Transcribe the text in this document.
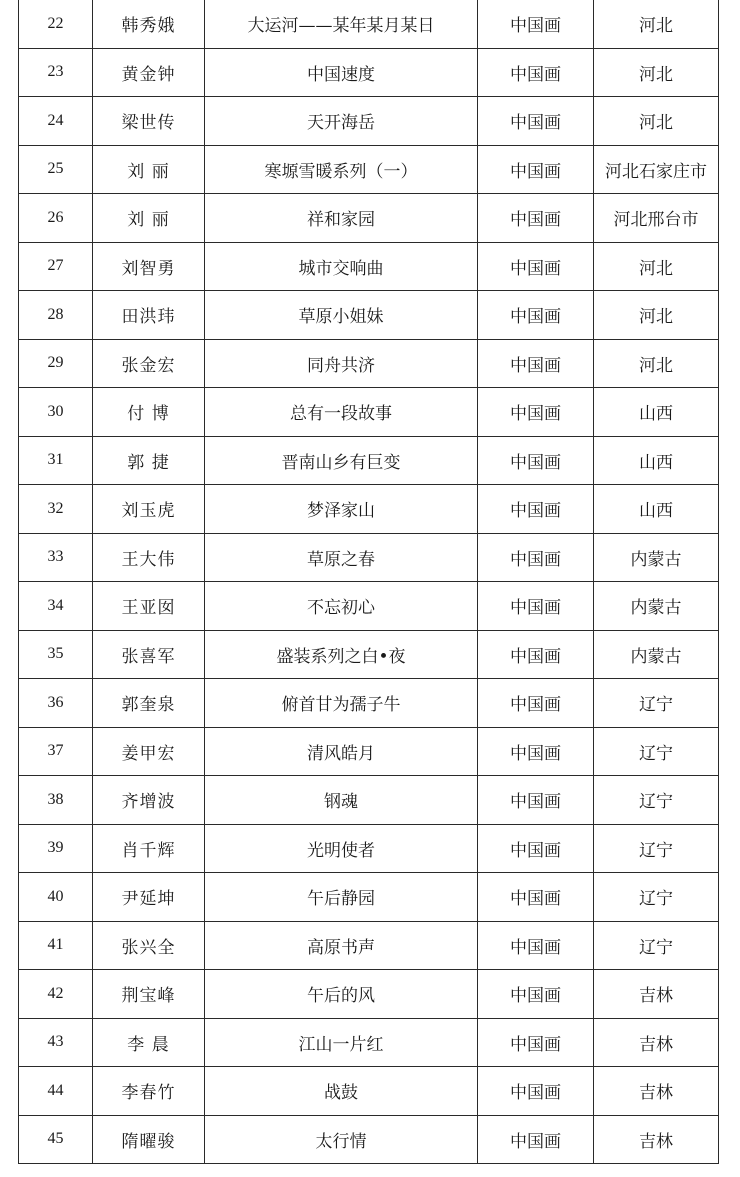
22	韩秀娥	大运河——某年某月某日	中国画	河北
23	黄金钟	中国速度	中国画	河北
24	梁世传	天开海岳	中国画	河北
25	刘 丽	寒塬雪暖系列（一）	中国画	河北石家庄市
26	刘 丽	祥和家园	中国画	河北邢台市
27	刘智勇	城市交响曲	中国画	河北
28	田洪玮	草原小姐妹	中国画	河北
29	张金宏	同舟共济	中国画	河北
30	付 博	总有一段故事	中国画	山西
31	郭 捷	晋南山乡有巨变	中国画	山西
32	刘玉虎	梦泽家山	中国画	山西
33	王大伟	草原之春	中国画	内蒙古
34	王亚囡	不忘初心	中国画	内蒙古
35	张喜军	盛装系列之白•夜	中国画	内蒙古
36	郭奎泉	俯首甘为孺子牛	中国画	辽宁
37	姜甲宏	清风皓月	中国画	辽宁
38	齐增波	钢魂	中国画	辽宁
39	肖千辉	光明使者	中国画	辽宁
40	尹延坤	午后静园	中国画	辽宁
41	张兴全	高原书声	中国画	辽宁
42	荆宝峰	午后的风	中国画	吉林
43	李 晨	江山一片红	中国画	吉林
44	李春竹	战鼓	中国画	吉林
45	隋曜骏	太行情	中国画	吉林
